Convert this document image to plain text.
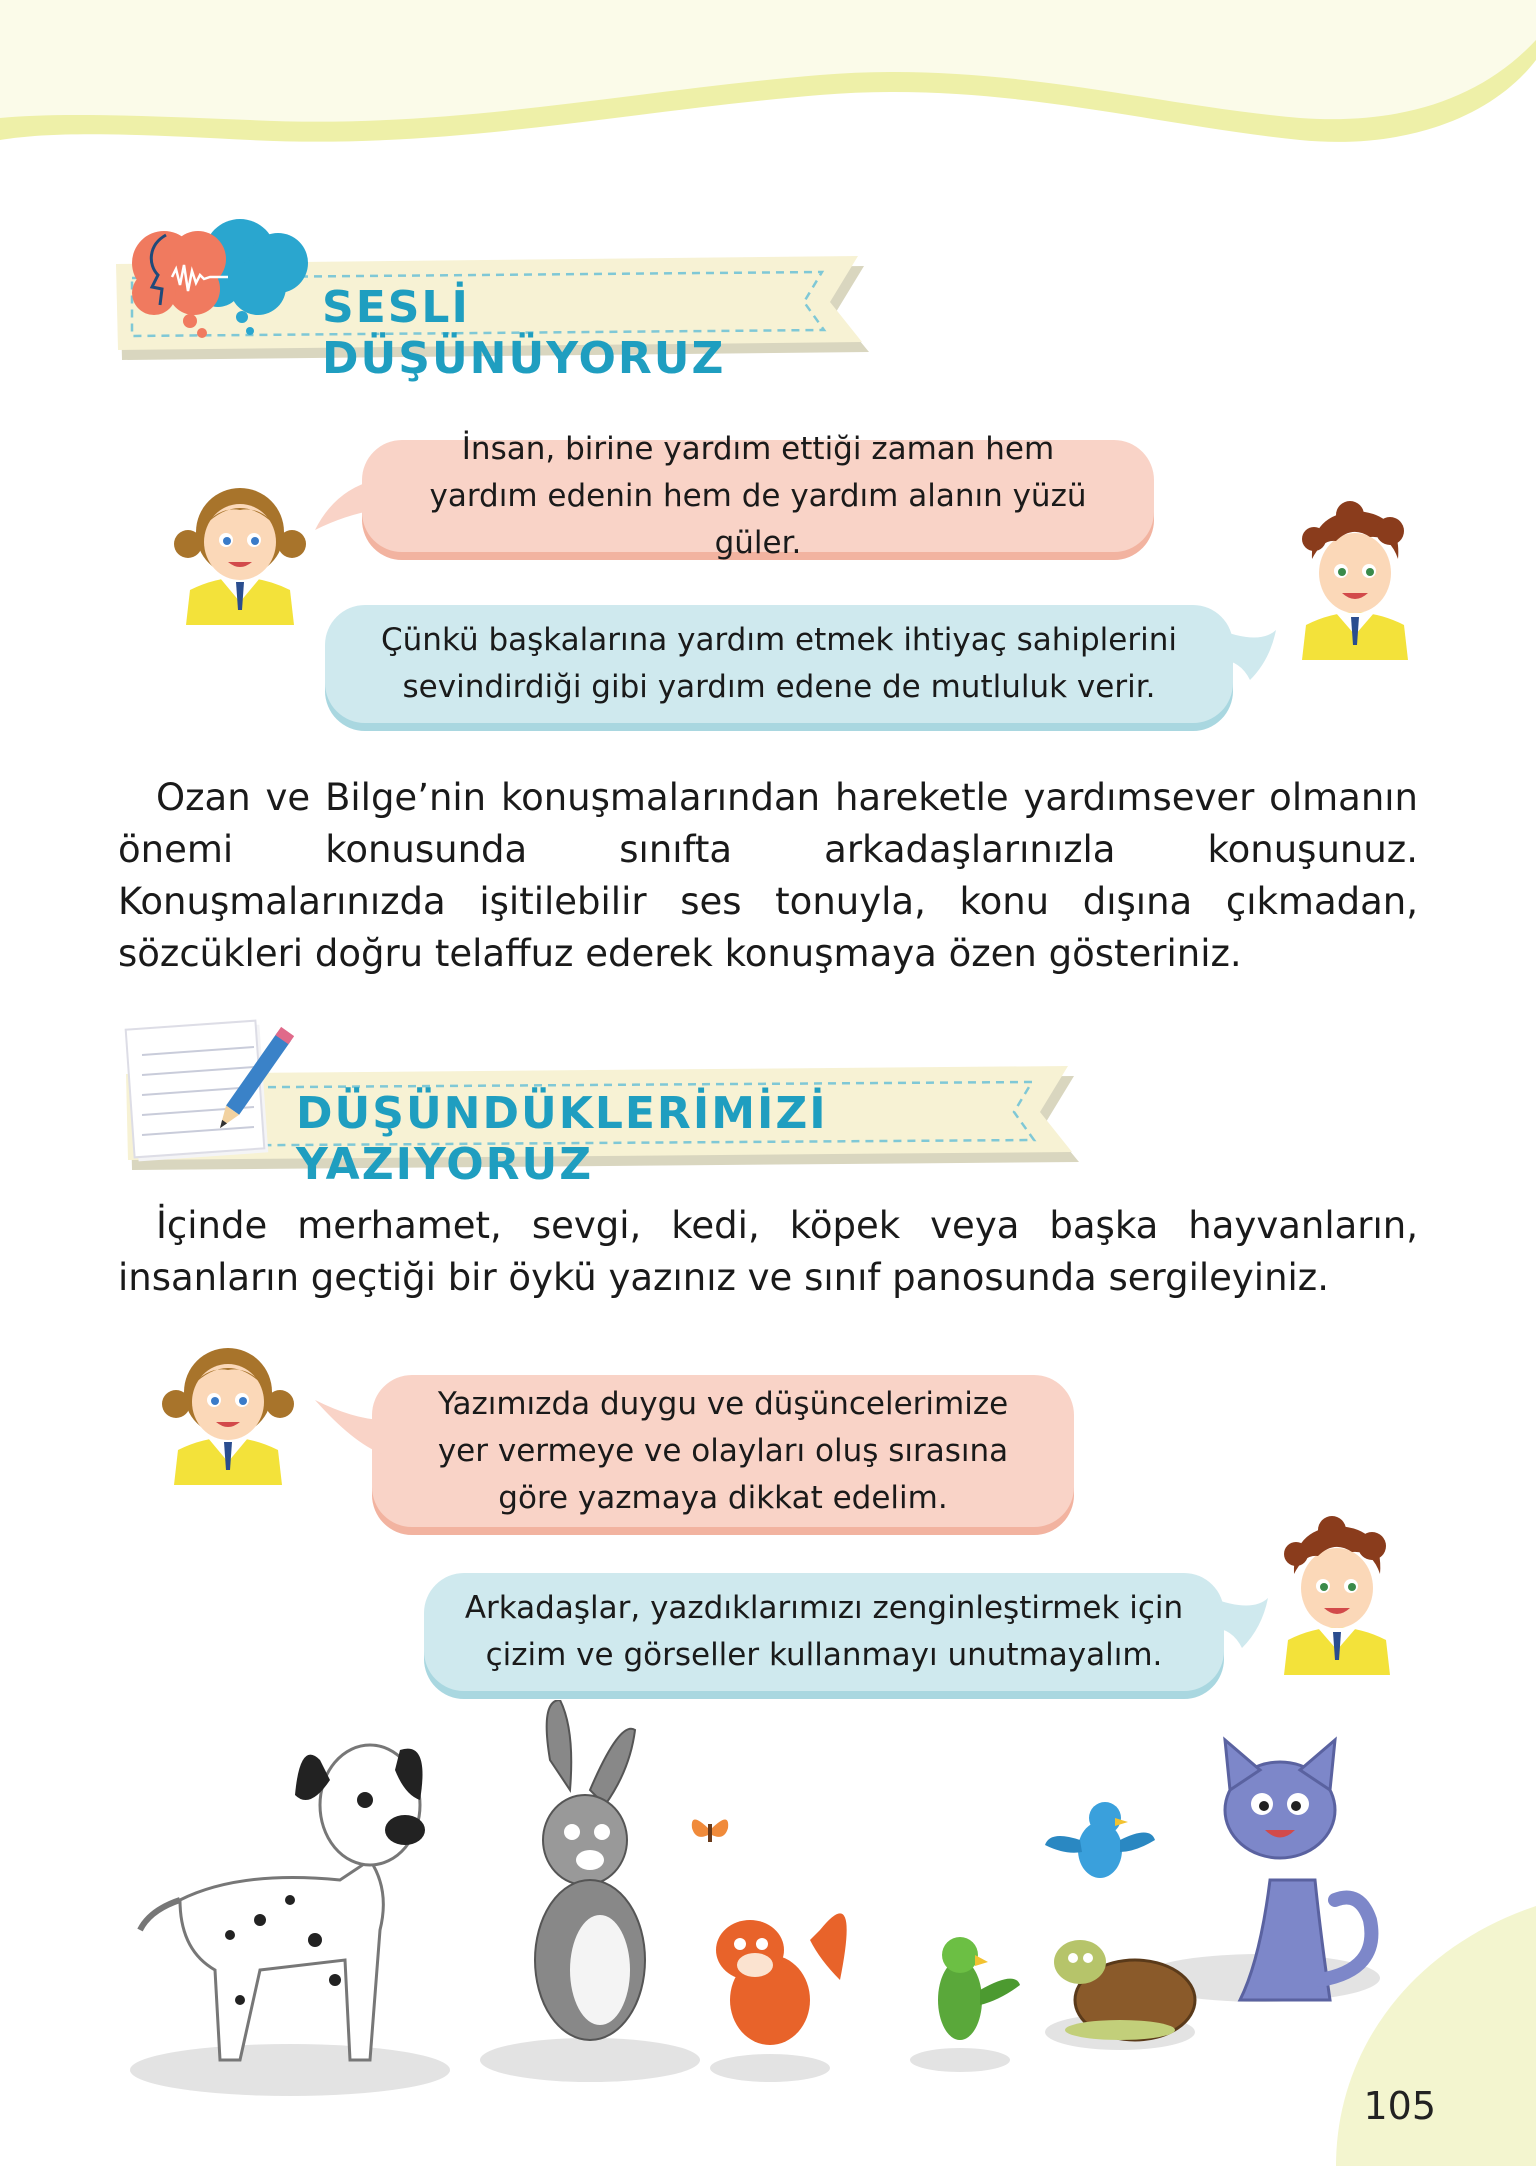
SESLİ DÜŞÜNÜYORUZ
İnsan, birine yardım ettiği zaman hem yardım edenin hem de yardım alanın yüzü güler.
Çünkü başkalarına yardım etmek ihtiyaç sahiplerini sevindirdiği gibi yardım edene de mutluluk verir.

Ozan ve Bilge’nin konuşmalarından hareketle yardımsever olmanın önemi konusunda sınıfta arkadaşlarınızla konuşunuz. Konuşmalarınızda işitilebilir ses tonuyla, konu dışına çıkmadan, sözcükleri doğru telaffuz ederek konuşmaya özen gösteriniz.

DÜŞÜNDÜKLERİMİZİ YAZIYORUZ

İçinde merhamet, sevgi, kedi, köpek veya başka hayvanların, insanların geçtiği bir öykü yazınız ve sınıf panosunda sergileyiniz.

Yazımızda duygu ve düşüncelerimize yer vermeye ve olayları oluş sırasına göre yazmaya dikkat edelim.
Arkadaşlar, yazdıklarımızı zenginleştirmek için çizim ve görseller kullanmayı unutmayalım.
105
